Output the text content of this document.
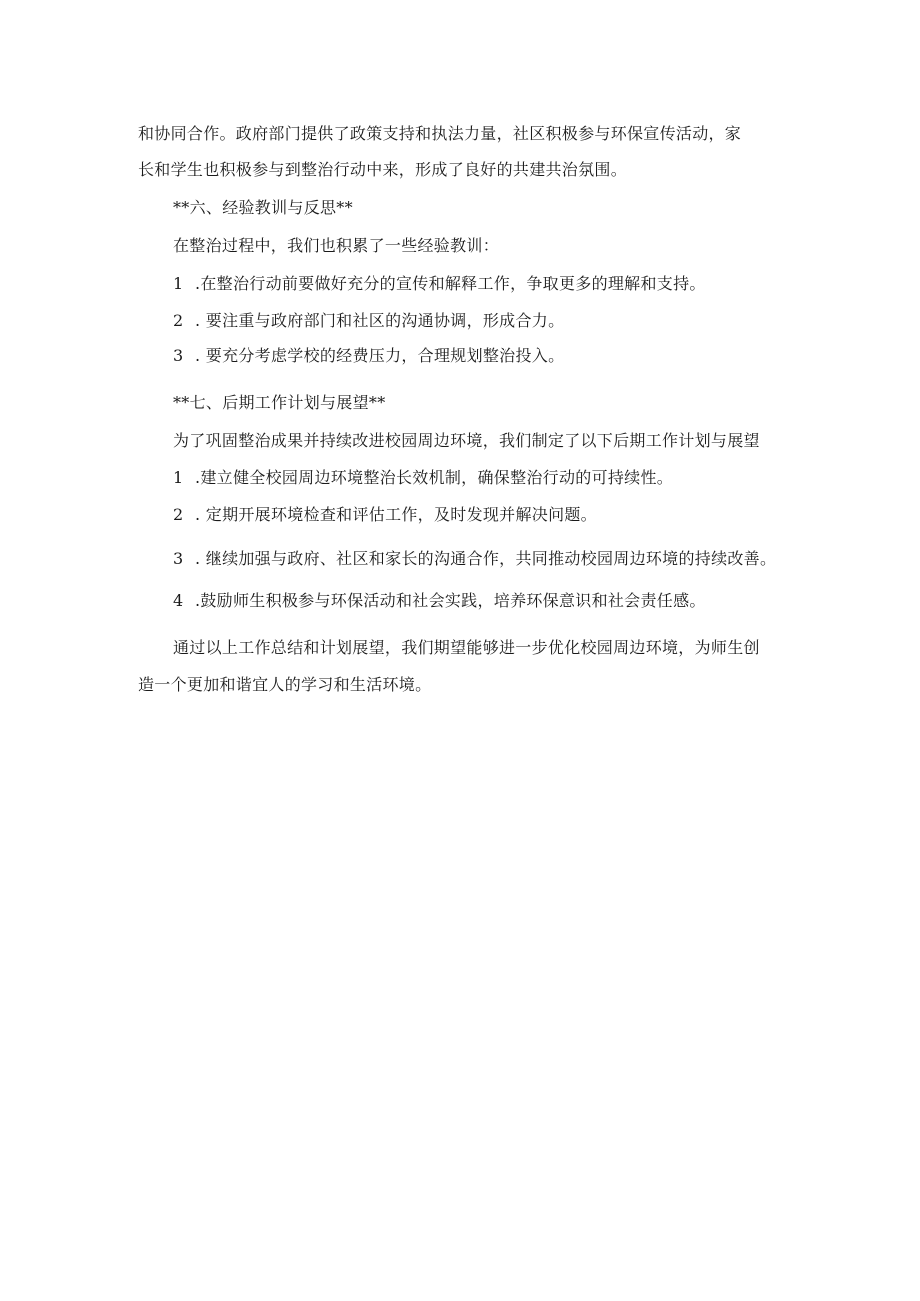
和协同合作。政府部门提供了政策支持和执法力量，社区积极参与环保宣传活动，家
长和学生也积极参与到整治行动中来，形成了良好的共建共治氛围。
**六、经验教训与反思**
在整治过程中，我们也积累了一些经验教训：
1 .在整治行动前要做好充分的宣传和解释工作，争取更多的理解和支持。
2 . 要注重与政府部门和社区的沟通协调，形成合力。
3 . 要充分考虑学校的经费压力，合理规划整治投入。
**七、后期工作计划与展望**
为了巩固整治成果并持续改进校园周边环境，我们制定了以下后期工作计划与展望
1 .建立健全校园周边环境整治长效机制，确保整治行动的可持续性。
2 . 定期开展环境检查和评估工作，及时发现并解决问题。
3 . 继续加强与政府、社区和家长的沟通合作，共同推动校园周边环境的持续改善。
4 .鼓励师生积极参与环保活动和社会实践，培养环保意识和社会责任感。
通过以上工作总结和计划展望，我们期望能够进一步优化校园周边环境，为师生创
造一个更加和谐宜人的学习和生活环境。
